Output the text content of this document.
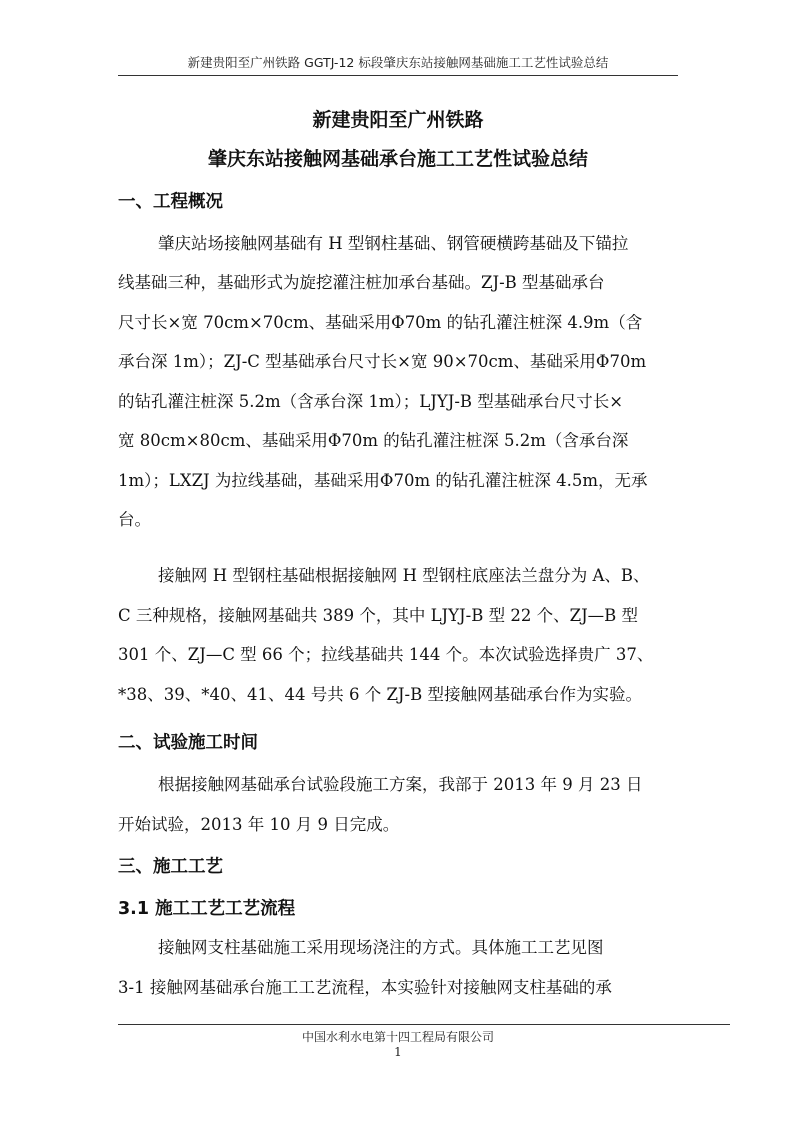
新建贵阳至广州铁路 GGTJ-12 标段肇庆东站接触网基础施工工艺性试验总结
新建贵阳至广州铁路
肇庆东站接触网基础承台施工工艺性试验总结
一、工程概况
肇庆站场接触网基础有 H 型钢柱基础、钢管硬横跨基础及下锚拉
线基础三种，基础形式为旋挖灌注桩加承台基础。ZJ-B 型基础承台
尺寸长×宽 70cm×70cm、基础采用Φ70m 的钻孔灌注桩深 4.9m（含
承台深 1m）；ZJ-C 型基础承台尺寸长×宽 90×70cm、基础采用Φ70m
的钻孔灌注桩深 5.2m（含承台深 1m）；LJYJ-B 型基础承台尺寸长×
宽 80cm×80cm、基础采用Φ70m 的钻孔灌注桩深 5.2m（含承台深
1m）；LXZJ 为拉线基础，基础采用Φ70m 的钻孔灌注桩深 4.5m，无承
台。
接触网 H 型钢柱基础根据接触网 H 型钢柱底座法兰盘分为 A、B、
C 三种规格，接触网基础共 389 个，其中 LJYJ-B 型 22 个、ZJ—B 型
301 个、ZJ—C 型 66 个；拉线基础共 144 个。本次试验选择贵广 37、
*38、39、*40、41、44 号共 6 个 ZJ-B 型接触网基础承台作为实验。
二、试验施工时间
根据接触网基础承台试验段施工方案，我部于 2013 年 9 月 23 日
开始试验，2013 年 10 月 9 日完成。
三、施工工艺
3.1 施工工艺工艺流程
接触网支柱基础施工采用现场浇注的方式。具体施工工艺见图
3-1 接触网基础承台施工工艺流程，本实验针对接触网支柱基础的承
中国水利水电第十四工程局有限公司
1
